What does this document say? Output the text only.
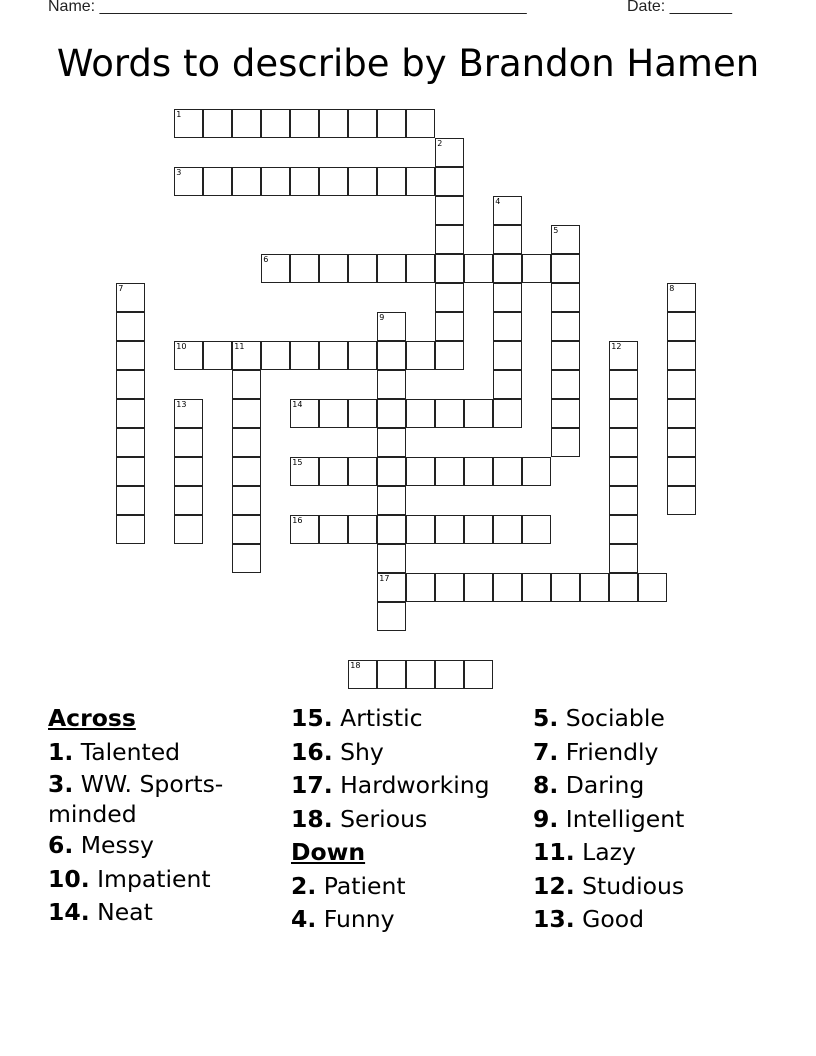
Name: ________________________________________________	Date: _______
Words to describe by Brandon Hamen
1
2
3
4
5
6
7	8
9
17
10	11	12
13	14
15
16
18
Across
1. Talented
3. WW. Sports-minded
6. Messy
10. Impatient
14. Neat
15. Artistic
16. Shy
17. Hardworking
18. Serious
Down
2. Patient
4. Funny
5. Sociable
7. Friendly
8. Daring
9. Intelligent
11. Lazy
12. Studious
13. Good
